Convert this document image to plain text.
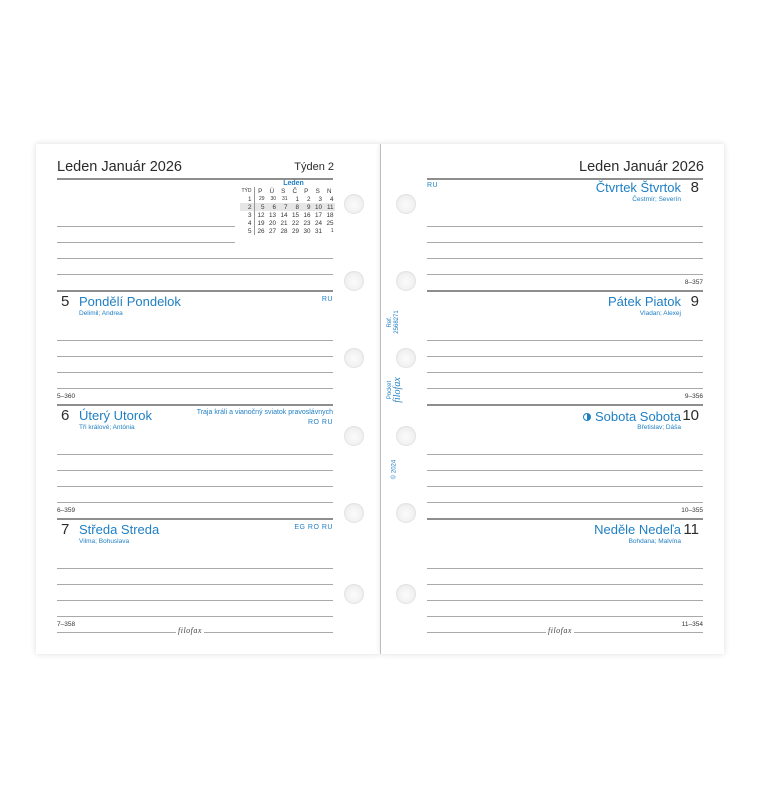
Ref. 2568271
Pocket filofax
© 2024
Leden Január 2026	Týden 2
Leden
TÝD	P	Ú	S	Č	P	S	N
1	29	30	31	1	2	3	4
2	5	6	7	8	9	10	11
3	12	13	14	15	16	17	18
4	19	20	21	22	23	24	25
5	26	27	28	29	30	31	1
5 Pondělí Pondelok
Delimil; Andrea
RU
5–360
6 Úterý Utorok
Tři králové; Antónia
Traja králi a vianočný sviatok pravoslávnych
RO RU
6–359
7 Středa Streda
Vilma; Bohuslava
EG RO RU
7–358
filofax
Leden Január 2026
RU	8
Čtvrtek Štvrtok
Čestmír; Severín
8–357
9
Pátek Piatok
Vladan; Alexej
9–356
10
Sobota Sobota
Břetislav; Dáša
10–355
11
Neděle Nedeľa
Bohdana; Malvína
11–354
filofax
